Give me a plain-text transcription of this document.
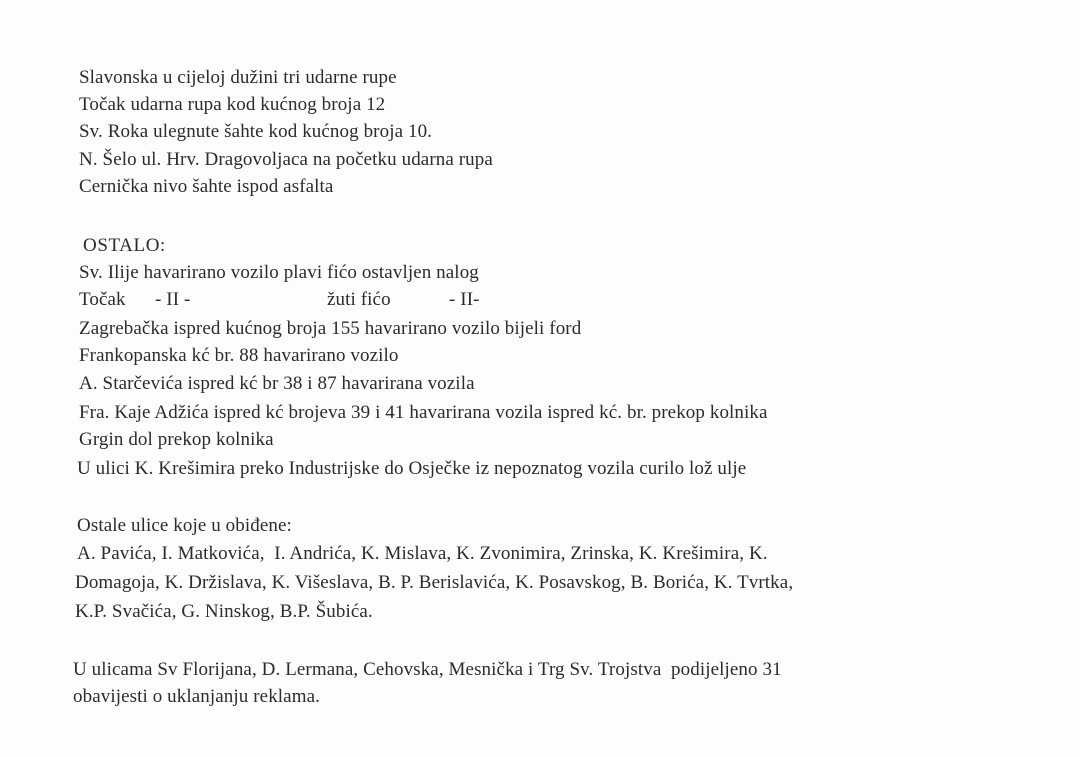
Slavonska u cijeloj dužini tri udarne rupe
Točak udarna rupa kod kućnog broja 12
Sv. Roka ulegnute šahte kod kućnog broja 10.
N. Šelo ul. Hrv. Dragovoljaca na početku udarna rupa
Cernička nivo šahte ispod asfalta
OSTALO:
Sv. Ilije havarirano vozilo plavi fićo ostavljen nalog
Točak - II -	žuti fićo	- II-
Zagrebačka ispred kućnog broja 155 havarirano vozilo bijeli ford
Frankopanska kć br. 88 havarirano vozilo
A. Starčevića ispred kć br 38 i 87 havarirana vozila
Fra. Kaje Adžića ispred kć brojeva 39 i 41 havarirana vozila ispred kć. br. prekop kolnika
Grgin dol prekop kolnika
U ulici K. Krešimira preko Industrijske do Osječke iz nepoznatog vozila curilo lož ulje
Ostale ulice koje u obiđene:
A. Pavića, I. Matkovića,  I. Andrića, K. Mislava, K. Zvonimira, Zrinska, K. Krešimira, K.
Domagoja, K. Držislava, K. Višeslava, B. P. Berislavića, K. Posavskog, B. Borića, K. Tvrtka,
K.P. Svačića, G. Ninskog, B.P. Šubića.
U ulicama Sv Florijana, D. Lermana, Cehovska, Mesnička i Trg Sv. Trojstva  podijeljeno 31
obavijesti o uklanjanju reklama.
